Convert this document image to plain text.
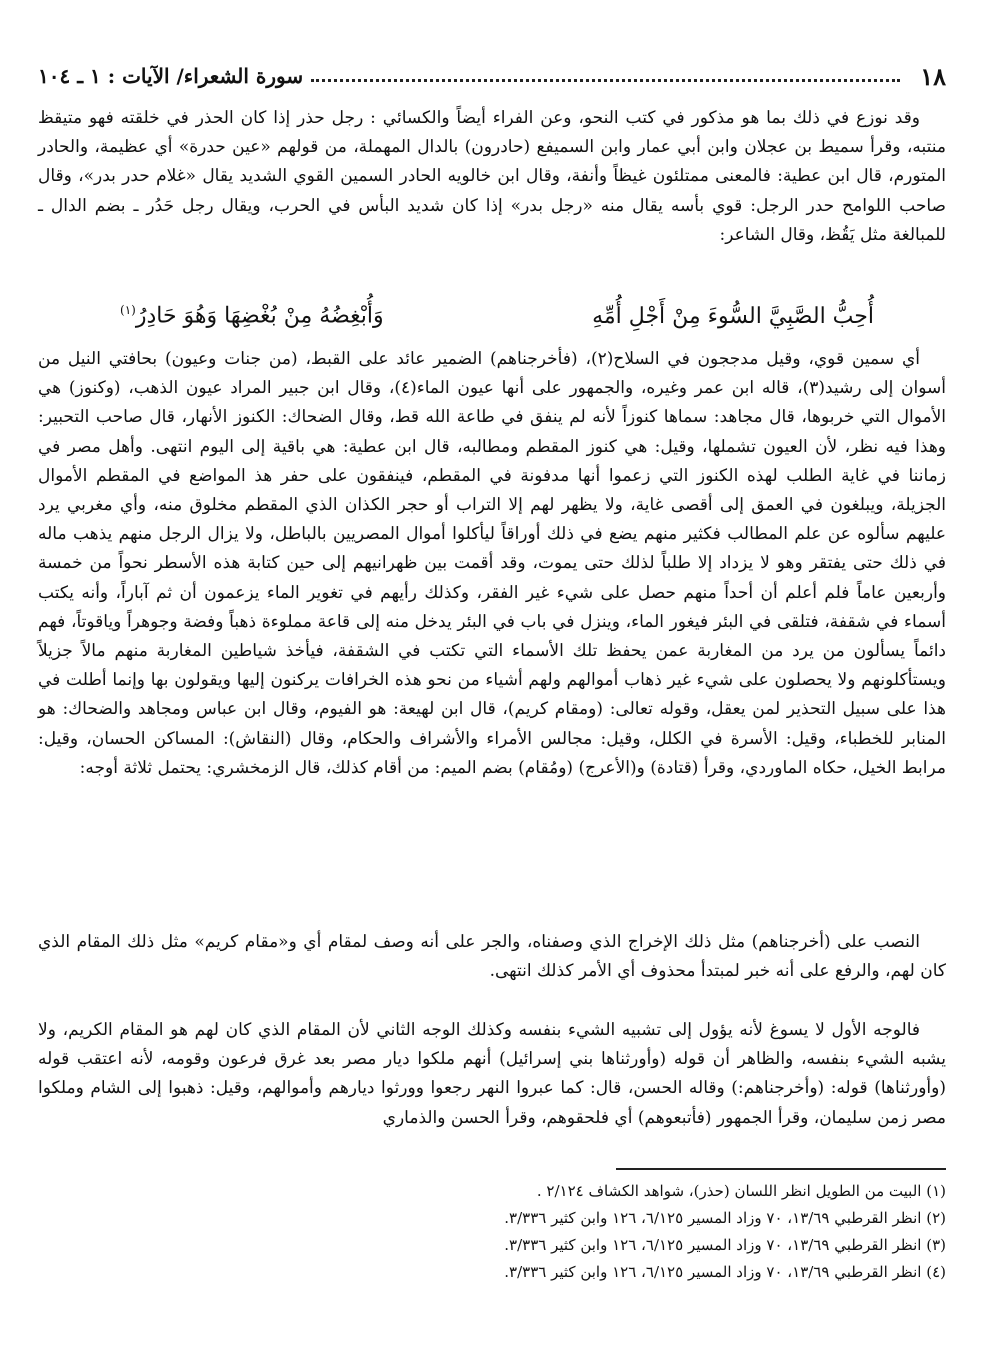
١٨
سورة الشعراء/ الآيات : ١ ـ ١٠٤

وقد نوزع في ذلك بما هو مذكور في كتب النحو، وعن الفراء أيضاً والكسائي : رجل حذر إذا كان الحذر في خلقته فهو متيقظ منتبه، وقرأ سميط بن عجلان وابن أبي عمار وابن السميفع (حادرون) بالدال المهملة، من قولهم «عين حدرة» أي عظيمة، والحادر المتورم، قال ابن عطية: فالمعنى ممتلئون غيظاً وأنفة، وقال ابن خالويه الحادر السمين القوي الشديد يقال «غلام حدر بدر»، وقال صاحب اللوامح حدر الرجل: قوي بأسه يقال منه «رجل بدر» إذا كان شديد البأس في الحرب، ويقال رجل حَدُر ـ بضم الدال ـ للمبالغة مثل يَقُظ، وقال الشاعر:

أُحِبُّ الصَّبِيَّ السُّوءَ مِنْ أَجْلِ أُمِّهِ
وَأُبْغِضُهُ مِنْ بُغْضِهَا وَهُوَ حَادِرُ$^{(١)}$

أي سمين قوي، وقيل مدججون في السلاح(٢)، (فأخرجناهم) الضمير عائد على القبط، (من جنات وعيون) بحافتي النيل من أسوان إلى رشيد(٣)، قاله ابن عمر وغيره، والجمهور على أنها عيون الماء(٤)، وقال ابن جبير المراد عيون الذهب، (وكنوز) هي الأموال التي خربوها، قال مجاهد: سماها كنوزاً لأنه لم ينفق في طاعة الله قط، وقال الضحاك: الكنوز الأنهار، قال صاحب التحبير: وهذا فيه نظر، لأن العيون تشملها، وقيل: هي كنوز المقطم ومطالبه، قال ابن عطية: هي باقية إلى اليوم انتهى. وأهل مصر في زماننا في غاية الطلب لهذه الكنوز التي زعموا أنها مدفونة في المقطم، فينفقون على حفر هذ المواضع في المقطم الأموال الجزيلة، ويبلغون في العمق إلى أقصى غاية، ولا يظهر لهم إلا التراب أو حجر الكذان الذي المقطم مخلوق منه، وأي مغربي يرد عليهم سألوه عن علم المطالب فكثير منهم يضع في ذلك أوراقاً ليأكلوا أموال المصريين بالباطل، ولا يزال الرجل منهم يذهب ماله في ذلك حتى يفتقر وهو لا يزداد إلا طلباً لذلك حتى يموت، وقد أقمت بين ظهرانيهم إلى حين كتابة هذه الأسطر نحواً من خمسة وأربعين عاماً فلم أعلم أن أحداً منهم حصل على شيء غير الفقر، وكذلك رأيهم في تغوير الماء يزعمون أن ثم آباراً، وأنه يكتب أسماء في شقفة، فتلقى في البئر فيغور الماء، وينزل في باب في البئر يدخل منه إلى قاعة مملوءة ذهباً وفضة وجوهراً وياقوتاً، فهم دائماً يسألون من يرد من المغاربة عمن يحفظ تلك الأسماء التي تكتب في الشقفة، فيأخذ شياطين المغاربة منهم مالاً جزيلاً ويستأكلونهم ولا يحصلون على شيء غير ذهاب أموالهم ولهم أشياء من نحو هذه الخرافات يركنون إليها ويقولون بها وإنما أطلت في هذا على سبيل التحذير لمن يعقل، وقوله تعالى: (ومقام كريم)، قال ابن لهيعة: هو الفيوم، وقال ابن عباس ومجاهد والضحاك: هو المنابر للخطباء، وقيل: الأسرة في الكلل، وقيل: مجالس الأمراء والأشراف والحكام، وقال (النقاش): المساكن الحسان، وقيل: مرابط الخيل، حكاه الماوردي، وقرأ (قتادة) و(الأعرج) (ومُقام) بضم الميم: من أقام كذلك، قال الزمخشري: يحتمل ثلاثة أوجه:

النصب على (أخرجناهم) مثل ذلك الإخراج الذي وصفناه، والجر على أنه وصف لمقام أي و«مقام كريم» مثل ذلك المقام الذي كان لهم، والرفع على أنه خبر لمبتدأ محذوف أي الأمر كذلك انتهى.

فالوجه الأول لا يسوغ لأنه يؤول إلى تشبيه الشيء بنفسه وكذلك الوجه الثاني لأن المقام الذي كان لهم هو المقام الكريم، ولا يشبه الشيء بنفسه، والظاهر أن قوله (وأورثناها بني إسرائيل) أنهم ملكوا ديار مصر بعد غرق فرعون وقومه، لأنه اعتقب قوله (وأورثناها) قوله: (وأخرجناهم:) وقاله الحسن، قال: كما عبروا النهر رجعوا وورثوا ديارهم وأموالهم، وقيل: ذهبوا إلى الشام وملكوا مصر زمن سليمان، وقرأ الجمهور (فأتبعوهم) أي فلحقوهم، وقرأ الحسن والذماري

(١) البيت من الطويل انظر اللسان (حذر)، شواهد الكشاف ٢/١٢٤ .

(٢) انظر القرطبي ١٣/٦٩، ٧٠ وزاد المسير ٦/١٢٥، ١٢٦ وابن كثير ٣/٣٣٦.

(٣) انظر القرطبي ١٣/٦٩، ٧٠ وزاد المسير ٦/١٢٥، ١٢٦ وابن كثير ٣/٣٣٦.

(٤) انظر القرطبي ١٣/٦٩، ٧٠ وزاد المسير ٦/١٢٥، ١٢٦ وابن كثير ٣/٣٣٦.
